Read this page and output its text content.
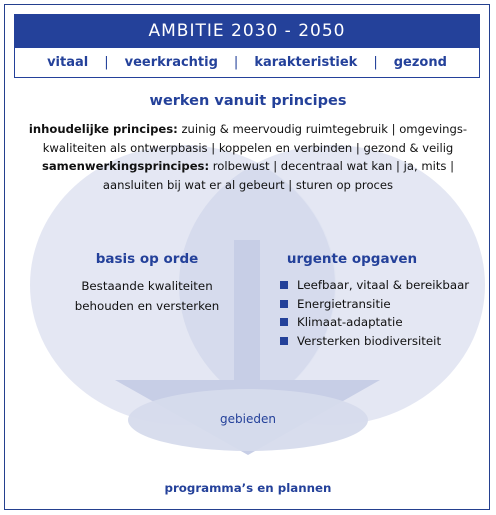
AMBITIE 2030 - 2050
vitaal | veerkrachtig | karakteristiek | gezond
werken vanuit principes
inhoudelijke principes: zuinig & meervoudig ruimtegebruik | omgevings-
kwaliteiten als ontwerpbasis | koppelen en verbinden | gezond & veilig
samenwerkingsprincipes: rolbewust | decentraal wat kan | ja, mits |
aansluiten bij wat er al gebeurt | sturen op proces
basis op orde
Bestaande kwaliteiten
behouden en versterken
urgente opgaven
Leefbaar, vitaal & bereikbaar
Energietransitie
Klimaat-adaptatie
Versterken biodiversiteit
gebieden
programma’s en plannen
